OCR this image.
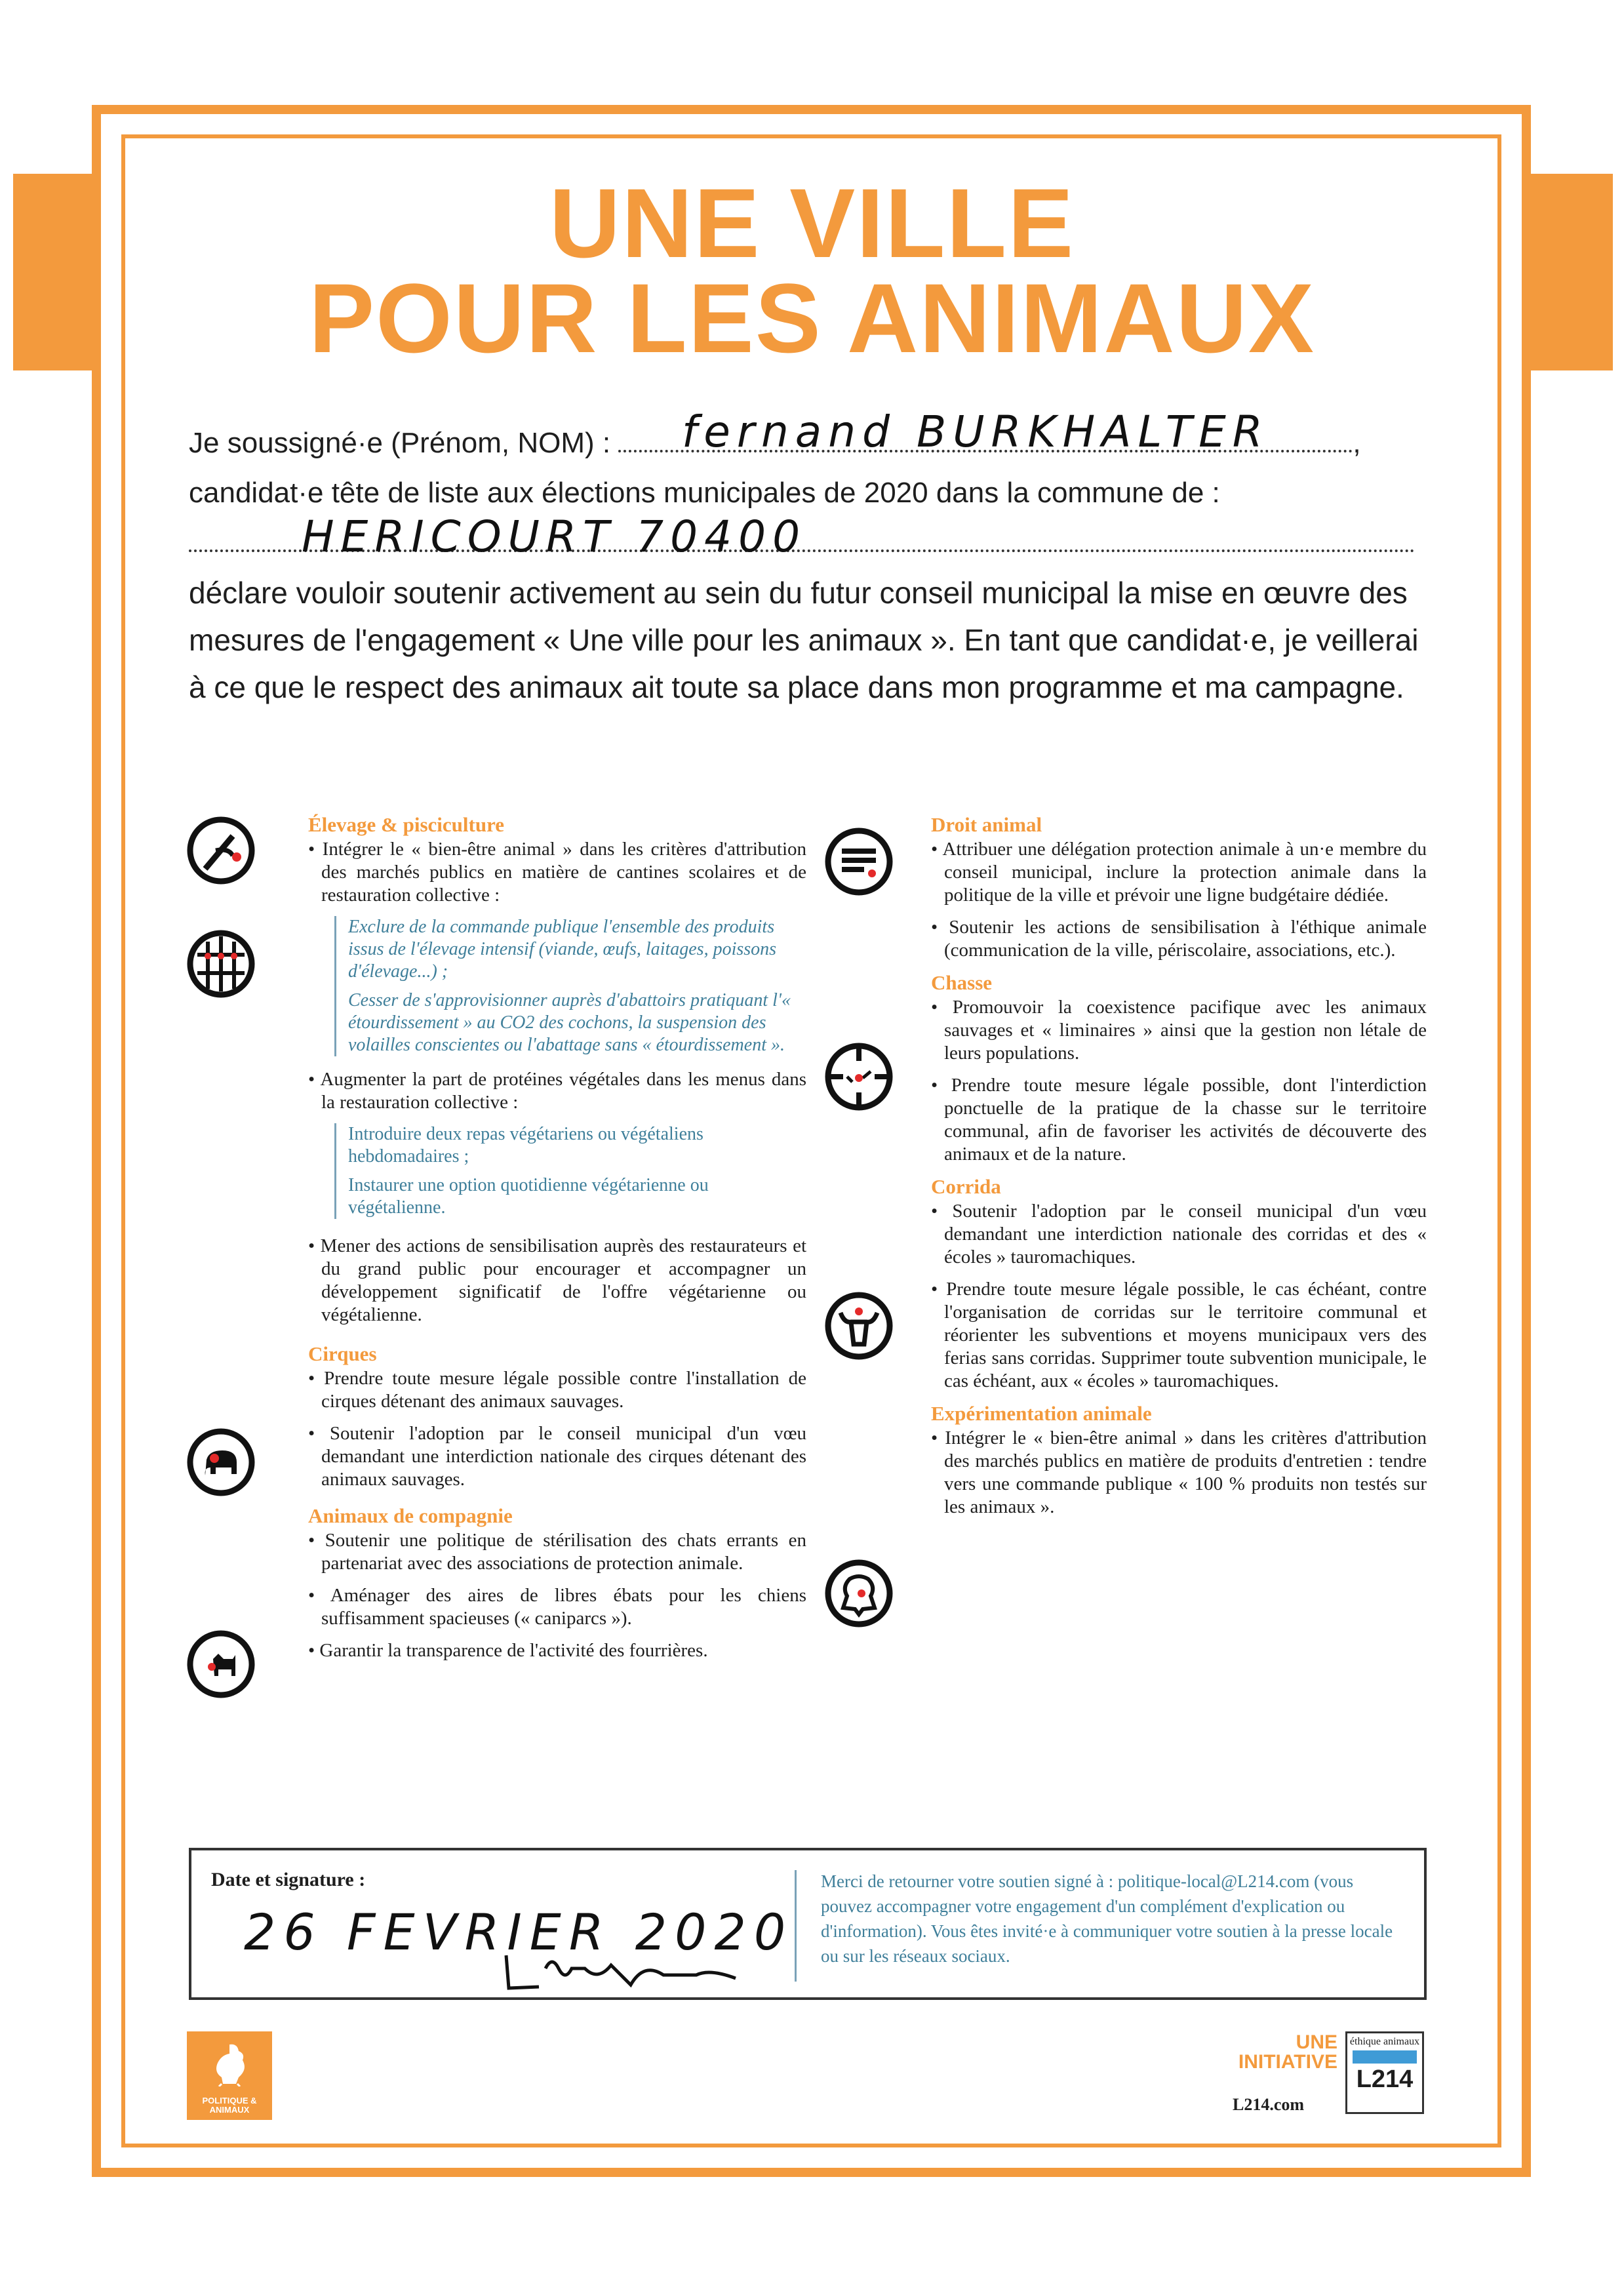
UNE VILLE
POUR LES ANIMAUX
Je soussigné·e (Prénom, NOM) :	,
fernand BURKHALTER
candidat·e tête de liste aux élections municipales de 2020 dans la commune de :
HERICOURT 70400
déclare vouloir soutenir activement au sein du futur conseil municipal la mise en œuvre des mesures de l'engagement « Une ville pour les animaux ». En tant que candidat·e, je veillerai à ce que le respect des animaux ait toute sa place dans mon programme et ma campagne.
Élevage & pisciculture

• Intégrer le « bien-être animal » dans les critères d'attribution des marchés publics en matière de cantines scolaires et de restauration collective :

Exclure de la commande publique l'ensemble des produits issus de l'élevage intensif (viande, œufs, laitages, poissons d'élevage...) ;

Cesser de s'approvisionner auprès d'abattoirs pratiquant l'« étourdissement » au CO2 des cochons, la suspension des volailles conscientes ou l'abattage sans « étourdissement ».

• Augmenter la part de protéines végétales dans les menus dans la restauration collective :

Introduire deux repas végétariens ou végétaliens hebdomadaires ;

Instaurer une option quotidienne végétarienne ou végétalienne.

• Mener des actions de sensibilisation auprès des restaurateurs et du grand public pour encourager et accompagner un développement significatif de l'offre végétarienne ou végétalienne.

Cirques

• Prendre toute mesure légale possible contre l'installation de cirques détenant des animaux sauvages.

• Soutenir l'adoption par le conseil municipal d'un vœu demandant une interdiction nationale des cirques détenant des animaux sauvages.

Animaux de compagnie

• Soutenir une politique de stérilisation des chats errants en partenariat avec des associations de protection animale.

• Aménager des aires de libres ébats pour les chiens suffisamment spacieuses (« caniparcs »).

• Garantir la transparence de l'activité des fourrières.

Droit animal

• Attribuer une délégation protection animale à un·e membre du conseil municipal, inclure la protection animale dans la politique de la ville et prévoir une ligne budgétaire dédiée.

• Soutenir les actions de sensibilisation à l'éthique animale (communication de la ville, périscolaire, associations, etc.).

Chasse

• Promouvoir la coexistence pacifique avec les animaux sauvages et « liminaires » ainsi que la gestion non létale de leurs populations.

• Prendre toute mesure légale possible, dont l'interdiction ponctuelle de la pratique de la chasse sur le territoire communal, afin de favoriser les activités de découverte des animaux et de la nature.

Corrida

• Soutenir l'adoption par le conseil municipal d'un vœu demandant une interdiction nationale des corridas et des « écoles » tauromachiques.

• Prendre toute mesure légale possible, le cas échéant, contre l'organisation de corridas sur le territoire communal et réorienter les subventions et moyens municipaux vers des ferias sans corridas. Supprimer toute subvention municipale, le cas échéant, aux « écoles » tauromachiques.

Expérimentation animale

• Intégrer le « bien-être animal » dans les critères d'attribution des marchés publics en matière de produits d'entretien : tendre vers une commande publique « 100 % produits non testés sur les animaux ».

Date et signature :
26 FEVRIER 2020
Merci de retourner votre soutien signé à : politique-local@L214.com (vous pouvez accompagner votre engagement d'un complément d'explication ou d'information). Vous êtes invité·e à communiquer votre soutien à la presse locale ou sur les réseaux sociaux.
POLITIQUE & ANIMAUX
UNE
INITIATIVE
L214.com
éthique animaux
L214
